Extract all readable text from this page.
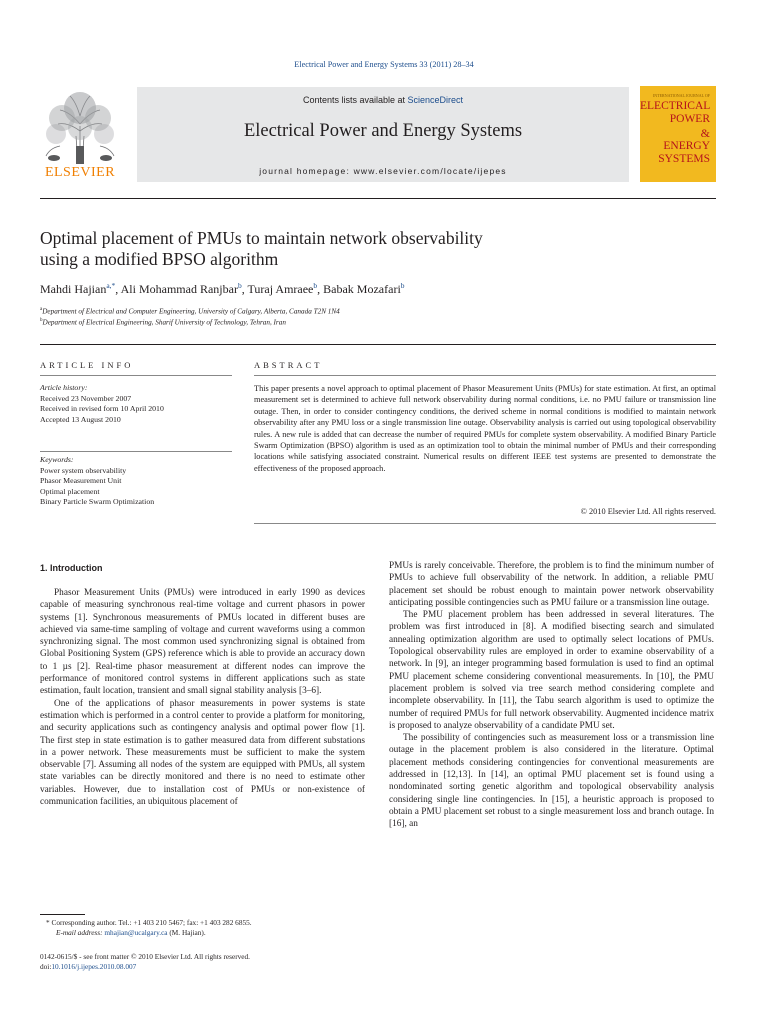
Electrical Power and Energy Systems 33 (2011) 28–34
ELSEVIER
Contents lists available at ScienceDirect
Electrical Power and Energy Systems
journal homepage: www.elsevier.com/locate/ijepes
INTERNATIONAL JOURNAL OF
ELECTRICAL
POWER
&
ENERGY
SYSTEMS
Optimal placement of PMUs to maintain network observability
using a modified BPSO algorithm
Mahdi Hajian$^{a,*}$, Ali Mohammad Ranjbar$^b$, Turaj Amraee$^b$, Babak Mozafari$^b$
$^a$Department of Electrical and Computer Engineering, University of Calgary, Alberta, Canada T2N 1N4
$^b$Department of Electrical Engineering, Sharif University of Technology, Tehran, Iran
ARTICLE INFO
Article history:
Received 23 November 2007
Received in revised form 10 April 2010
Accepted 13 August 2010
Keywords:
Power system observability
Phasor Measurement Unit
Optimal placement
Binary Particle Swarm Optimization
ABSTRACT
This paper presents a novel approach to optimal placement of Phasor Measurement Units (PMUs) for state estimation. At first, an optimal measurement set is determined to achieve full network observability during normal conditions, i.e. no PMU failure or transmission line outage. Then, in order to consider contingency conditions, the derived scheme in normal conditions is modified to maintain network observability after any PMU loss or a single transmission line outage. Observability analysis is carried out using topological observability rules. A new rule is added that can decrease the number of required PMUs for complete system observability. A modified Binary Particle Swarm Optimization (BPSO) algorithm is used as an optimization tool to obtain the minimal number of PMUs and their corresponding locations while satisfying associated constraint. Numerical results on different IEEE test systems are presented to demonstrate the effectiveness of the proposed approach.
© 2010 Elsevier Ltd. All rights reserved.
1. Introduction

Phasor Measurement Units (PMUs) were introduced in early 1990 as devices capable of measuring synchronous real-time voltage and current phasors in power systems [1]. Synchronous measurements of PMUs located in different buses are achieved via same-time sampling of voltage and current waveforms using a common synchronizing signal. The most common used synchronizing signal is obtained from Global Positioning System (GPS) reference which is able to provide an accuracy down to 1 µs [2]. Real-time phasor measurement at different nodes can improve the performance of monitored control systems in different applications such as state estimation, fault location, transient and small signal stability analysis [3–6].

One of the applications of phasor measurements in power systems is state estimation which is performed in a control center to provide a platform for monitoring, and security applications such as contingency analysis and optimal power flow [1]. The first step in state estimation is to gather measured data from different substations in a power network. These measurements must be sufficient to make the system observable [7]. Assuming all nodes of the system are equipped with PMUs, all system state variables can be directly monitored and there is no need to estimate other variables. However, due to installation cost of PMUs or non-existence of communication facilities, an ubiquitous placement of

PMUs is rarely conceivable. Therefore, the problem is to find the minimum number of PMUs to achieve full observability of the network. In addition, a reliable PMU placement set should be robust enough to maintain power network observability anticipating possible contingencies such as PMU failure or a transmission line outage.

The PMU placement problem has been addressed in several literatures. The problem was first introduced in [8]. A modified bisecting search and simulated annealing optimization algorithm are used to optimally select locations of PMUs. Topological observability rules are employed in order to examine observability of a network. In [9], an integer programming based formulation is used to find an optimal PMU placement scheme considering conventional measurements. In [10], the PMU placement problem is solved via tree search method considering complete and incomplete observability. In [11], the Tabu search algorithm is used to optimize the number of required PMUs for full network observability. Augmented incidence matrix is proposed to analyze observability of a candidate PMU set.

The possibility of contingencies such as measurement loss or a transmission line outage in the placement problem is also considered in the literature. Optimal placement methods considering contingencies for conventional measurements are addressed in [12,13]. In [14], an optimal PMU placement set is found using a nondominated sorting genetic algorithm and topological observability analysis considering single line contingencies. In [15], a heuristic approach is proposed to obtain a PMU placement set robust to a single measurement loss and branch outage. In [16], an

* Corresponding author. Tel.: +1 403 210 5467; fax: +1 403 282 6855.
E-mail address: mhajian@ucalgary.ca (M. Hajian).
0142-0615/$ - see front matter © 2010 Elsevier Ltd. All rights reserved.
doi:10.1016/j.ijepes.2010.08.007
